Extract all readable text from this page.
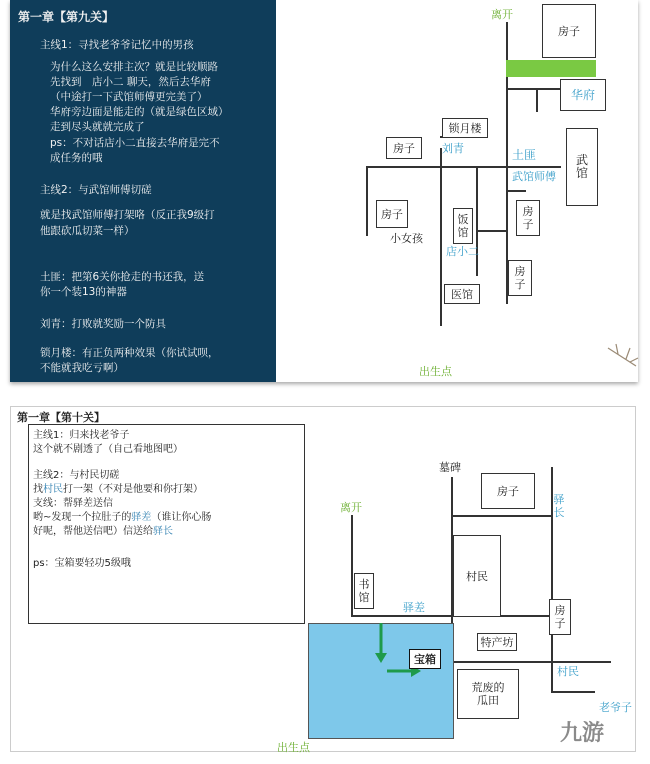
第一章【第九关】
主线1：寻找老爷爷记忆中的男孩
为什么这么安排主次？就是比较顺路
先找到　店小二 聊天，然后去华府
（中途打一下武馆师傅更完美了）
华府旁边面是能走的（就是绿色区域）
走到尽头就就完成了
ps：不对话店小二直接去华府是完不
成任务的哦
主线2：与武馆师傅切磋
就是找武馆师傅打架咯（反正我9级打
他跟砍瓜切菜一样）
土匪：把第6关你抢走的书还我，送
你一个装13的神器
刘青：打败就奖励一个防具
锁月楼：有正负两种效果（你试试呗，
不能就我吃亏啊）
离开
房子
华府
锁月楼
房子	刘青	土匪	武
馆
武馆师傅
房子	饭
馆
房
子
小女孩
店小二
房
子
医馆
出生点
第一章【第十关】
主线1：归来找老爷子
这个就不剧透了（自己看地图吧）
主线2：与村民切磋
找村民打一架（不对是他要和你打架）
支线：帮驿差送信
哟~发现一个拉肚子的驿差（谁让你心肠
好呢，帮他送信吧）信送给驿长
ps：宝箱要轻功5级哦
宝箱
墓碑
房子
驿
长
离开
村民
书
馆
驿差	房
子
特产坊
村民
荒废的
瓜田
老爷子
出生点
九游
